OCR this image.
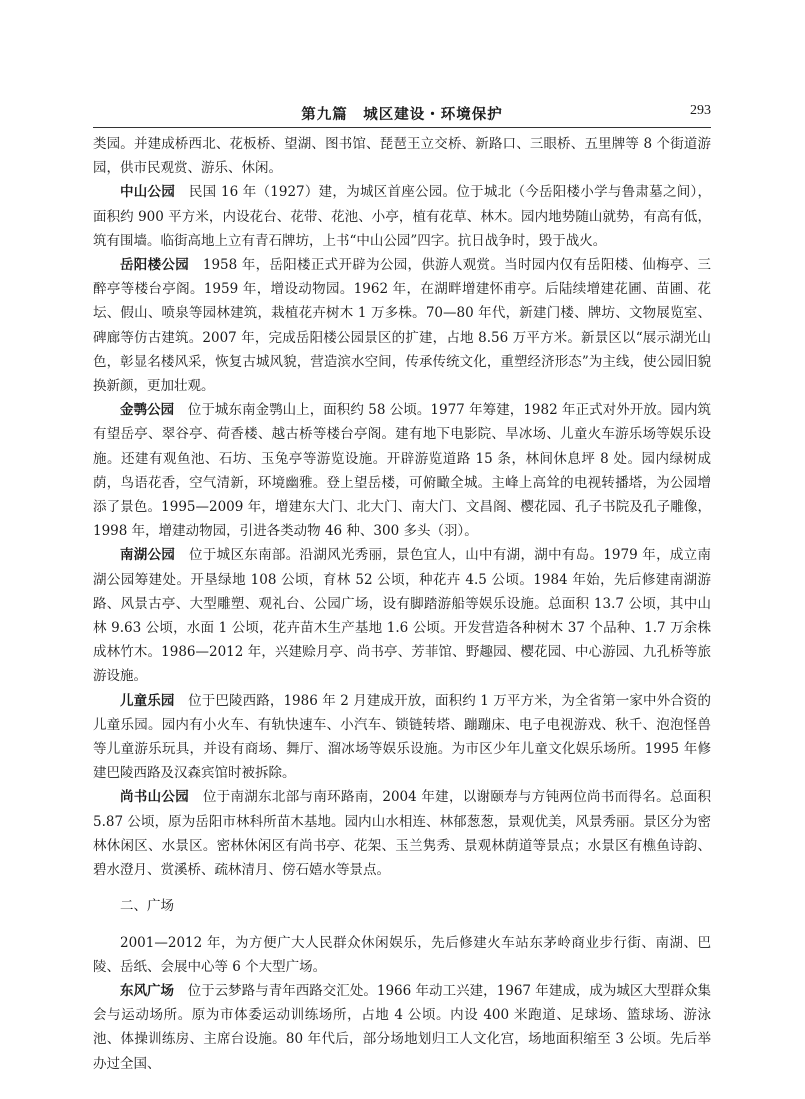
第九篇　城区建设・环境保护	293

类园。并建成桥西北、花板桥、望湖、图书馆、琵琶王立交桥、新路口、三眼桥、五里牌等 8 个街道游园，供市民观赏、游乐、休闲。

中山公园　 民国 16 年（1927）建，为城区首座公园。位于城北（今岳阳楼小学与鲁肃墓之间），面积约 900 平方米，内设花台、花带、花池、小亭，植有花草、林木。园内地势随山就势，有高有低，筑有围墙。临街高地上立有青石牌坊，上书“中山公园”四字。抗日战争时，毁于战火。

岳阳楼公园　 1958 年，岳阳楼正式开辟为公园，供游人观赏。当时园内仅有岳阳楼、仙梅亭、三醉亭等楼台亭阁。1959 年，增设动物园。1962 年，在湖畔增建怀甫亭。后陆续增建花圃、苗圃、花坛、假山、喷泉等园林建筑，栽植花卉树木 1 万多株。70—80 年代，新建门楼、牌坊、文物展览室、碑廊等仿古建筑。2007 年，完成岳阳楼公园景区的扩建，占地 8.56 万平方米。新景区以“展示湖光山色，彰显名楼风采，恢复古城风貌，营造滨水空间，传承传统文化，重塑经济形态”为主线，使公园旧貌换新颜，更加壮观。

金鹗公园　 位于城东南金鹗山上，面积约 58 公顷。1977 年筹建，1982 年正式对外开放。园内筑有望岳亭、翠谷亭、荷香楼、越古桥等楼台亭阁。建有地下电影院、旱冰场、儿童火车游乐场等娱乐设施。还建有观鱼池、石坊、玉兔亭等游览设施。开辟游览道路 15 条，林间休息坪 8 处。园内绿树成荫，鸟语花香，空气清新，环境幽雅。登上望岳楼，可俯瞰全城。主峰上高耸的电视转播塔，为公园增添了景色。1995—2009 年，增建东大门、北大门、南大门、文昌阁、樱花园、孔子书院及孔子雕像，1998 年，增建动物园，引进各类动物 46 种、300 多头（羽）。

南湖公园　 位于城区东南部。沿湖风光秀丽，景色宜人，山中有湖，湖中有岛。1979 年，成立南湖公园筹建处。开垦绿地 108 公顷，育林 52 公顷，种花卉 4.5 公顷。1984 年始，先后修建南湖游路、风景古亭、大型雕塑、观礼台、公园广场，设有脚踏游船等娱乐设施。总面积 13.7 公顷，其中山林 9.63 公顷，水面 1 公顷，花卉苗木生产基地 1.6 公顷。开发营造各种树木 37 个品种、1.7 万余株成林竹木。1986—2012 年，兴建赊月亭、尚书亭、芳菲馆、野趣园、樱花园、中心游园、九孔桥等旅游设施。

儿童乐园　 位于巴陵西路，1986 年 2 月建成开放，面积约 1 万平方米，为全省第一家中外合资的儿童乐园。园内有小火车、有轨快速车、小汽车、锁链转塔、蹦蹦床、电子电视游戏、秋千、泡泡怪兽等儿童游乐玩具，并设有商场、舞厅、溜冰场等娱乐设施。为市区少年儿童文化娱乐场所。1995 年修建巴陵西路及汉森宾馆时被拆除。

尚书山公园　 位于南湖东北部与南环路南，2004 年建，以谢颐寿与方钝两位尚书而得名。总面积 5.87 公顷，原为岳阳市林科所苗木基地。园内山水相连、林郁葱葱，景观优美，风景秀丽。景区分为密林休闲区、水景区。密林休闲区有尚书亭、花架、玉兰隽秀、景观林荫道等景点；水景区有樵鱼诗韵、碧水澄月、赏溪桥、疏林清月、傍石嬉水等景点。

二、广场

2001—2012 年，为方便广大人民群众休闲娱乐，先后修建火车站东茅岭商业步行街、南湖、巴陵、岳纸、会展中心等 6 个大型广场。

东风广场　 位于云梦路与青年西路交汇处。1966 年动工兴建，1967 年建成，成为城区大型群众集会与运动场所。原为市体委运动训练场所，占地 4 公顷。内设 400 米跑道、足球场、篮球场、游泳池、体操训练房、主席台设施。80 年代后，部分场地划归工人文化宫，场地面积缩至 3 公顷。先后举办过全国、
